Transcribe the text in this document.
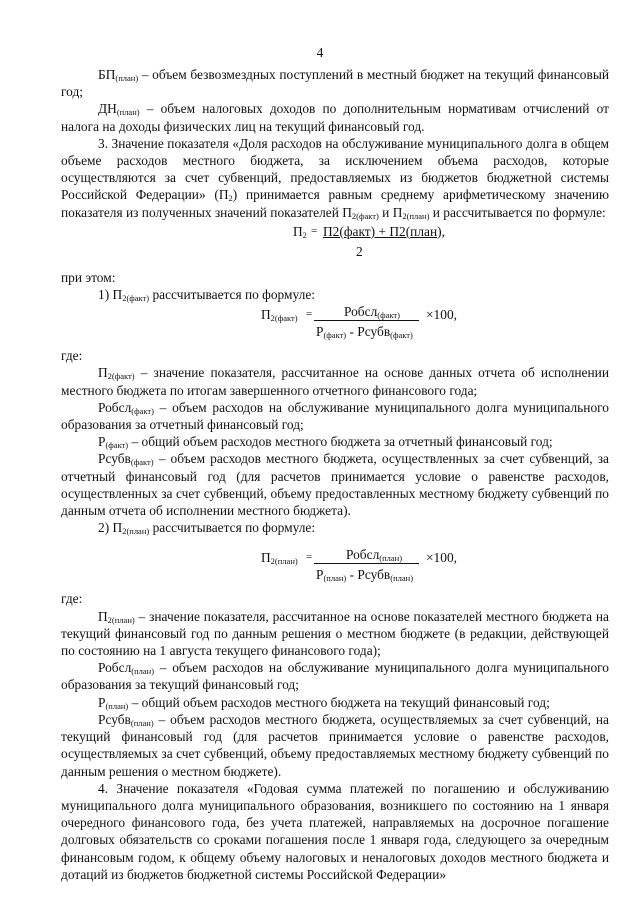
4

$БП_{(план)}$ – объем безвозмездных поступлений в местный бюджет на текущий финансовый год;

$ДН_{(план)}$ – объем налоговых доходов по дополнительным нормативам отчислений от налога на доходы физических лиц на текущий финансовый год.

3. Значение показателя «Доля расходов на обслуживание муниципального долга в общем объеме расходов местного бюджета, за исключением объема расходов, которые осуществляются за счет субвенций, предоставляемых из бюджетов бюджетной системы Российской Федерации» $(П_2)$ принимается равным среднему арифметическому значению показателя из полученных значений показателей $П_{2(факт)}$ и $П_{2(план)}$ и рассчитывается по формуле:

$П_2$ = П2(факт) + П2(план),
2

при этом:

1) $П_{2(факт)}$ рассчитывается по формуле:

$П_{2(факт)}$ = Робсл$_{(факт)}$ ×100,
$Р_{(факт)}$ - Рсубв$_{(факт)}$

где:

$П_{2(факт)}$ – значение показателя, рассчитанное на основе данных отчета об исполнении местного бюджета по итогам завершенного отчетного финансового года;

Робсл$_{(факт)}$ – объем расходов на обслуживание муниципального долга муниципального образования за отчетный финансовый год;

$Р_{(факт)}$ – общий объем расходов местного бюджета за отчетный финансовый год;

Рсубв$_{(факт)}$ – объем расходов местного бюджета, осуществленных за счет субвенций, за отчетный финансовый год (для расчетов принимается условие о равенстве расходов, осуществленных за счет субвенций, объему предоставленных местному бюджету субвенций по данным отчета об исполнении местного бюджета).

2) $П_{2(план)}$ рассчитывается по формуле:

$П_{2(план)}$ =	Робсл$_{(план)}$ ×100,
$Р_{(план)}$ - Рсубв$_{(план)}$

где:

$П_{2(план)}$ – значение показателя, рассчитанное на основе показателей местного бюджета на текущий финансовый год по данным решения о местном бюджете (в редакции, действующей по состоянию на 1 августа текущего финансового года);

Робсл$_{(план)}$ – объем расходов на обслуживание муниципального долга муниципального образования за текущий финансовый год;

$Р_{(план)}$ – общий объем расходов местного бюджета на текущий финансовый год;

Рсубв$_{(план)}$ – объем расходов местного бюджета, осуществляемых за счет субвенций, на текущий финансовый год (для расчетов принимается условие о равенстве расходов, осуществляемых за счет субвенций, объему предоставляемых местному бюджету субвенций по данным решения о местном бюджете).

4. Значение показателя «Годовая сумма платежей по погашению и обслуживанию муниципального долга муниципального образования, возникшего по состоянию на 1 января очередного финансового года, без учета платежей, направляемых на досрочное погашение долговых обязательств со сроками погашения после 1 января года, следующего за очередным финансовым годом, к общему объему налоговых и неналоговых доходов местного бюджета и дотаций из бюджетов бюджетной системы Российской Федерации»
